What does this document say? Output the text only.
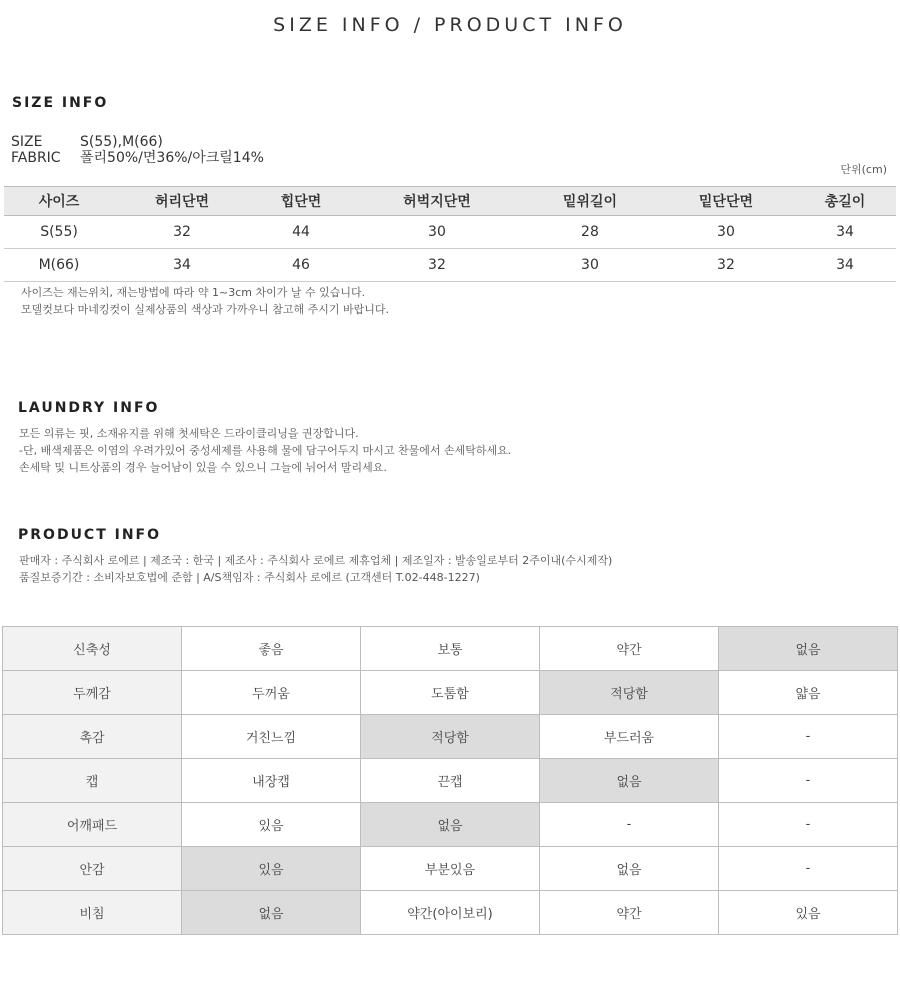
SIZE INFO / PRODUCT INFO
SIZE INFO
SIZE	S(55),M(66)
FABRIC 폴리50%/면36%/아크릴14%
단위(cm)
사이즈	허리단면	힙단면	허벅지단면	밑위길이	밑단단면	총길이
S(55)	32	44	30	28	30	34
M(66)	34	46	32	30	32	34
사이즈는 재는위치, 재는방법에 따라 약 1~3cm 차이가 날 수 있습니다.
모델컷보다 마네킹컷이 실제상품의 색상과 가까우니 참고해 주시기 바랍니다.
LAUNDRY INFO
모든 의류는 핏, 소재유지를 위해 첫세탁은 드라이클리닝을 권장합니다.
-단, 배색제품은 이염의 우려가있어 중성세제를 사용해 물에 담구어두지 마시고 찬물에서 손세탁하세요.
손세탁 및 니트상품의 경우 늘어남이 있을 수 있으니 그늘에 뉘어서 말리세요.
PRODUCT INFO
판매자 : 주식회사 로에르 | 제조국 : 한국 | 제조사 : 주식회사 로에르 제휴업체 | 제조일자 : 발송일로부터 2주이내(수시제작)
품질보증기간 : 소비자보호법에 준함 | A/S책임자 : 주식회사 로에르 (고객센터 T.02-448-1227)
신축성	좋음	보통	약간	없음
두께감	두꺼움	도톰함	적당함	얇음
촉감	거친느낌	적당함	부드러움	-
캡	내장캡	끈캡	없음	-
어깨패드	있음	없음	-	-
안감	있음	부분있음	없음	-
비침	없음	약간(아이보리)	약간	있음
